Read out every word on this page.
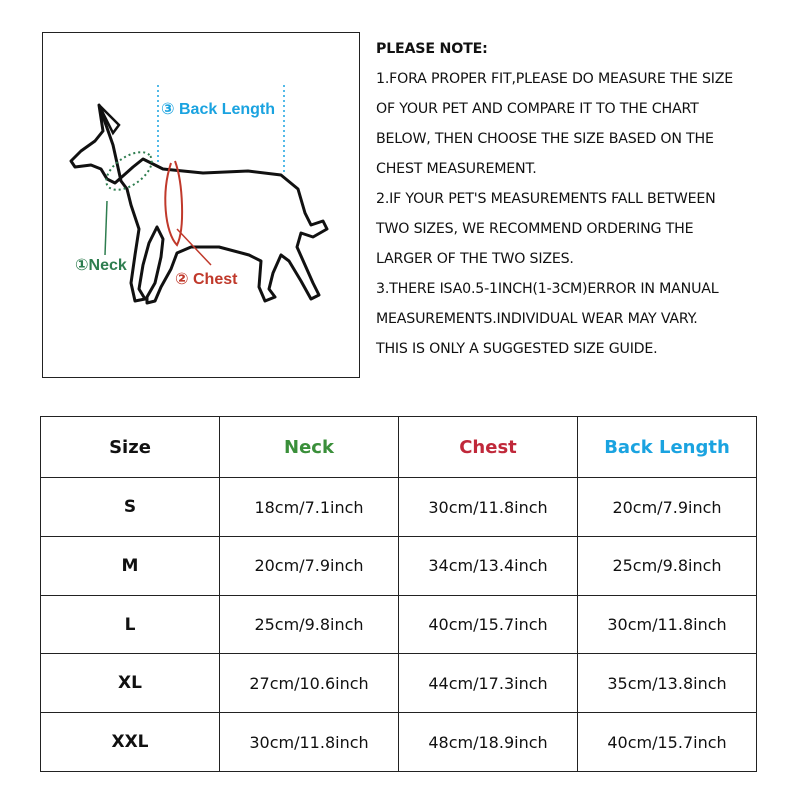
③ Back Length
①Neck
② Chest
PLEASE NOTE:
1.FORA PROPER FIT,PLEASE DO MEASURE THE SIZE
OF YOUR PET AND COMPARE IT TO THE CHART
BELOW, THEN CHOOSE THE SIZE BASED ON THE
CHEST MEASUREMENT.
2.IF YOUR PET'S MEASUREMENTS FALL BETWEEN
TWO SIZES, WE RECOMMEND ORDERING THE
LARGER OF THE TWO SIZES.
3.THERE ISA0.5-1INCH(1-3CM)ERROR IN MANUAL
MEASUREMENTS.INDIVIDUAL WEAR MAY VARY.
THIS IS ONLY A SUGGESTED SIZE GUIDE.
Size	Neck	Chest	Back Length
S	18cm/7.1inch	30cm/11.8inch	20cm/7.9inch
M	20cm/7.9inch	34cm/13.4inch	25cm/9.8inch
L	25cm/9.8inch	40cm/15.7inch	30cm/11.8inch
XL	27cm/10.6inch	44cm/17.3inch	35cm/13.8inch
XXL	30cm/11.8inch	48cm/18.9inch	40cm/15.7inch
